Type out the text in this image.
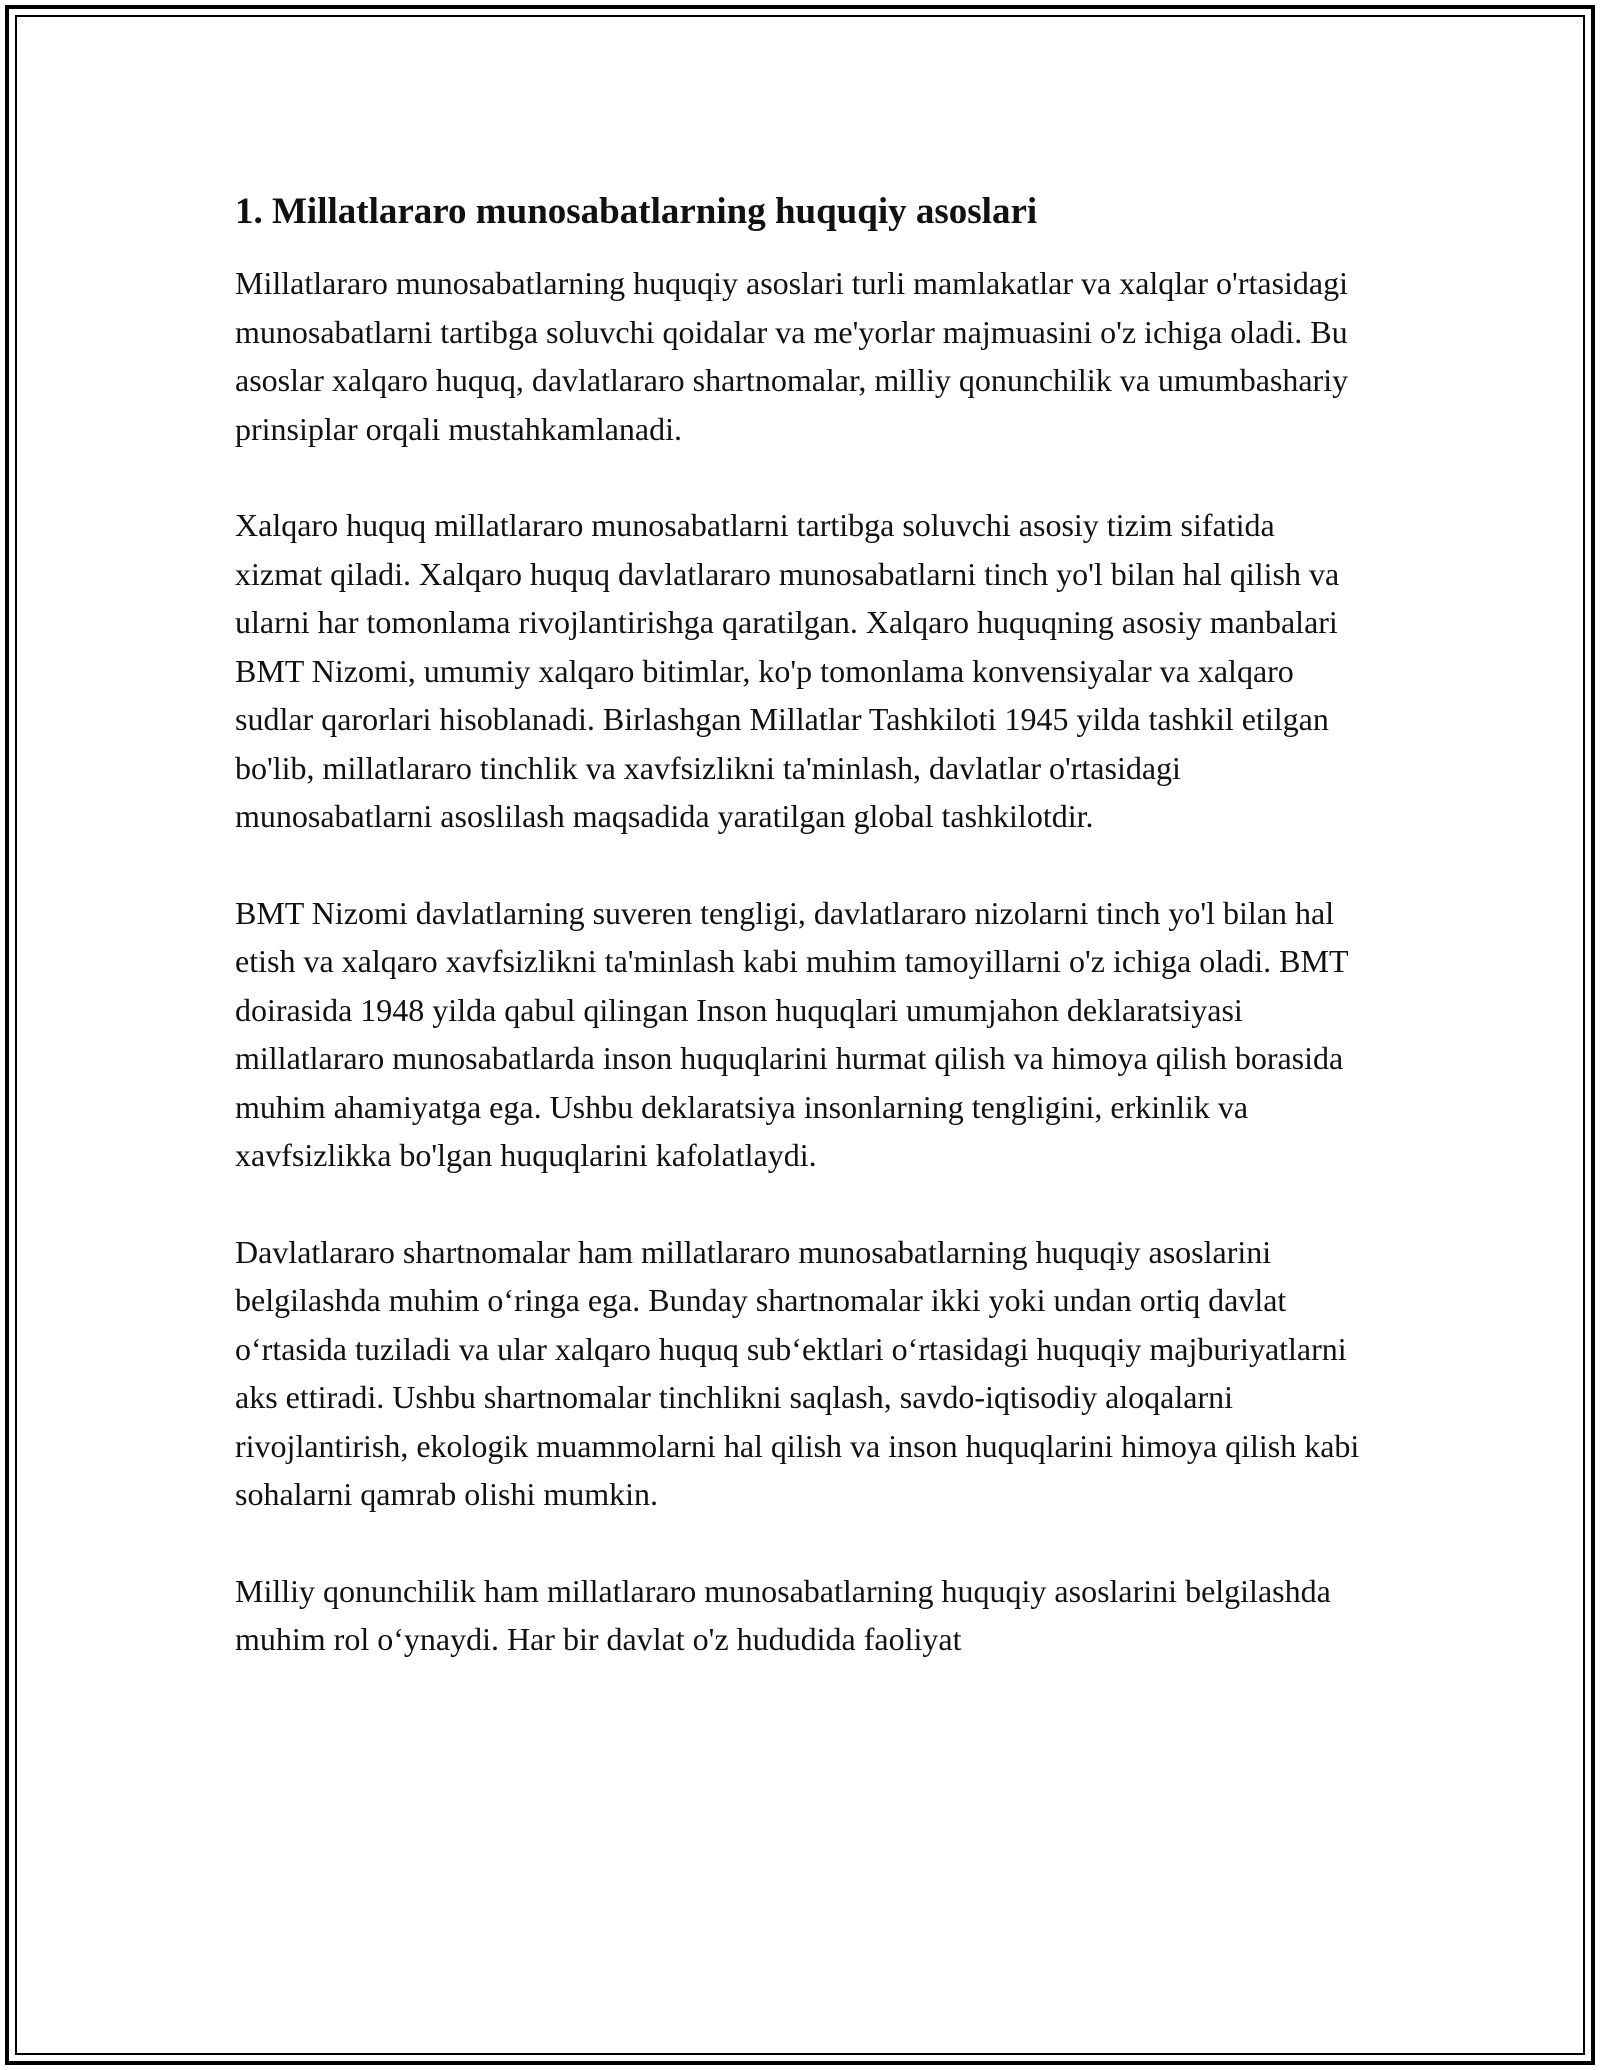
1. Millatlararo munosabatlarning huquqiy asoslari

Millatlararo munosabatlarning huquqiy asoslari turli mamlakatlar va xalqlar o'rtasidagi munosabatlarni tartibga soluvchi qoidalar va me'yorlar majmuasini o'z ichiga oladi. Bu asoslar xalqaro huquq, davlatlararo shartnomalar, milliy qonunchilik va umumbashariy prinsiplar orqali mustahkamlanadi.

Xalqaro huquq millatlararo munosabatlarni tartibga soluvchi asosiy tizim sifatida xizmat qiladi. Xalqaro huquq davlatlararo munosabatlarni tinch yo'l bilan hal qilish va ularni har tomonlama rivojlantirishga qaratilgan. Xalqaro huquqning asosiy manbalari BMT Nizomi, umumiy xalqaro bitimlar, ko'p tomonlama konvensiyalar va xalqaro sudlar qarorlari hisoblanadi. Birlashgan Millatlar Tashkiloti 1945 yilda tashkil etilgan bo'lib, millatlararo tinchlik va xavfsizlikni ta'minlash, davlatlar o'rtasidagi munosabatlarni asoslilash maqsadida yaratilgan global tashkilotdir.

BMT Nizomi davlatlarning suveren tengligi, davlatlararo nizolarni tinch yo'l bilan hal etish va xalqaro xavfsizlikni ta'minlash kabi muhim tamoyillarni o'z ichiga oladi. BMT doirasida 1948 yilda qabul qilingan Inson huquqlari umumjahon deklaratsiyasi millatlararo munosabatlarda inson huquqlarini hurmat qilish va himoya qilish borasida muhim ahamiyatga ega. Ushbu deklaratsiya insonlarning tengligini, erkinlik va xavfsizlikka bo'lgan huquqlarini kafolatlaydi.

Davlatlararo shartnomalar ham millatlararo munosabatlarning huquqiy asoslarini belgilashda muhim o‘ringa ega. Bunday shartnomalar ikki yoki undan ortiq davlat o‘rtasida tuziladi va ular xalqaro huquq sub‘ektlari o‘rtasidagi huquqiy majburiyatlarni aks ettiradi. Ushbu shartnomalar tinchlikni saqlash, savdo-iqtisodiy aloqalarni rivojlantirish, ekologik muammolarni hal qilish va inson huquqlarini himoya qilish kabi sohalarni qamrab olishi mumkin.

Milliy qonunchilik ham millatlararo munosabatlarning huquqiy asoslarini belgilashda muhim rol o‘ynaydi. Har bir davlat o'z hududida faoliyat
